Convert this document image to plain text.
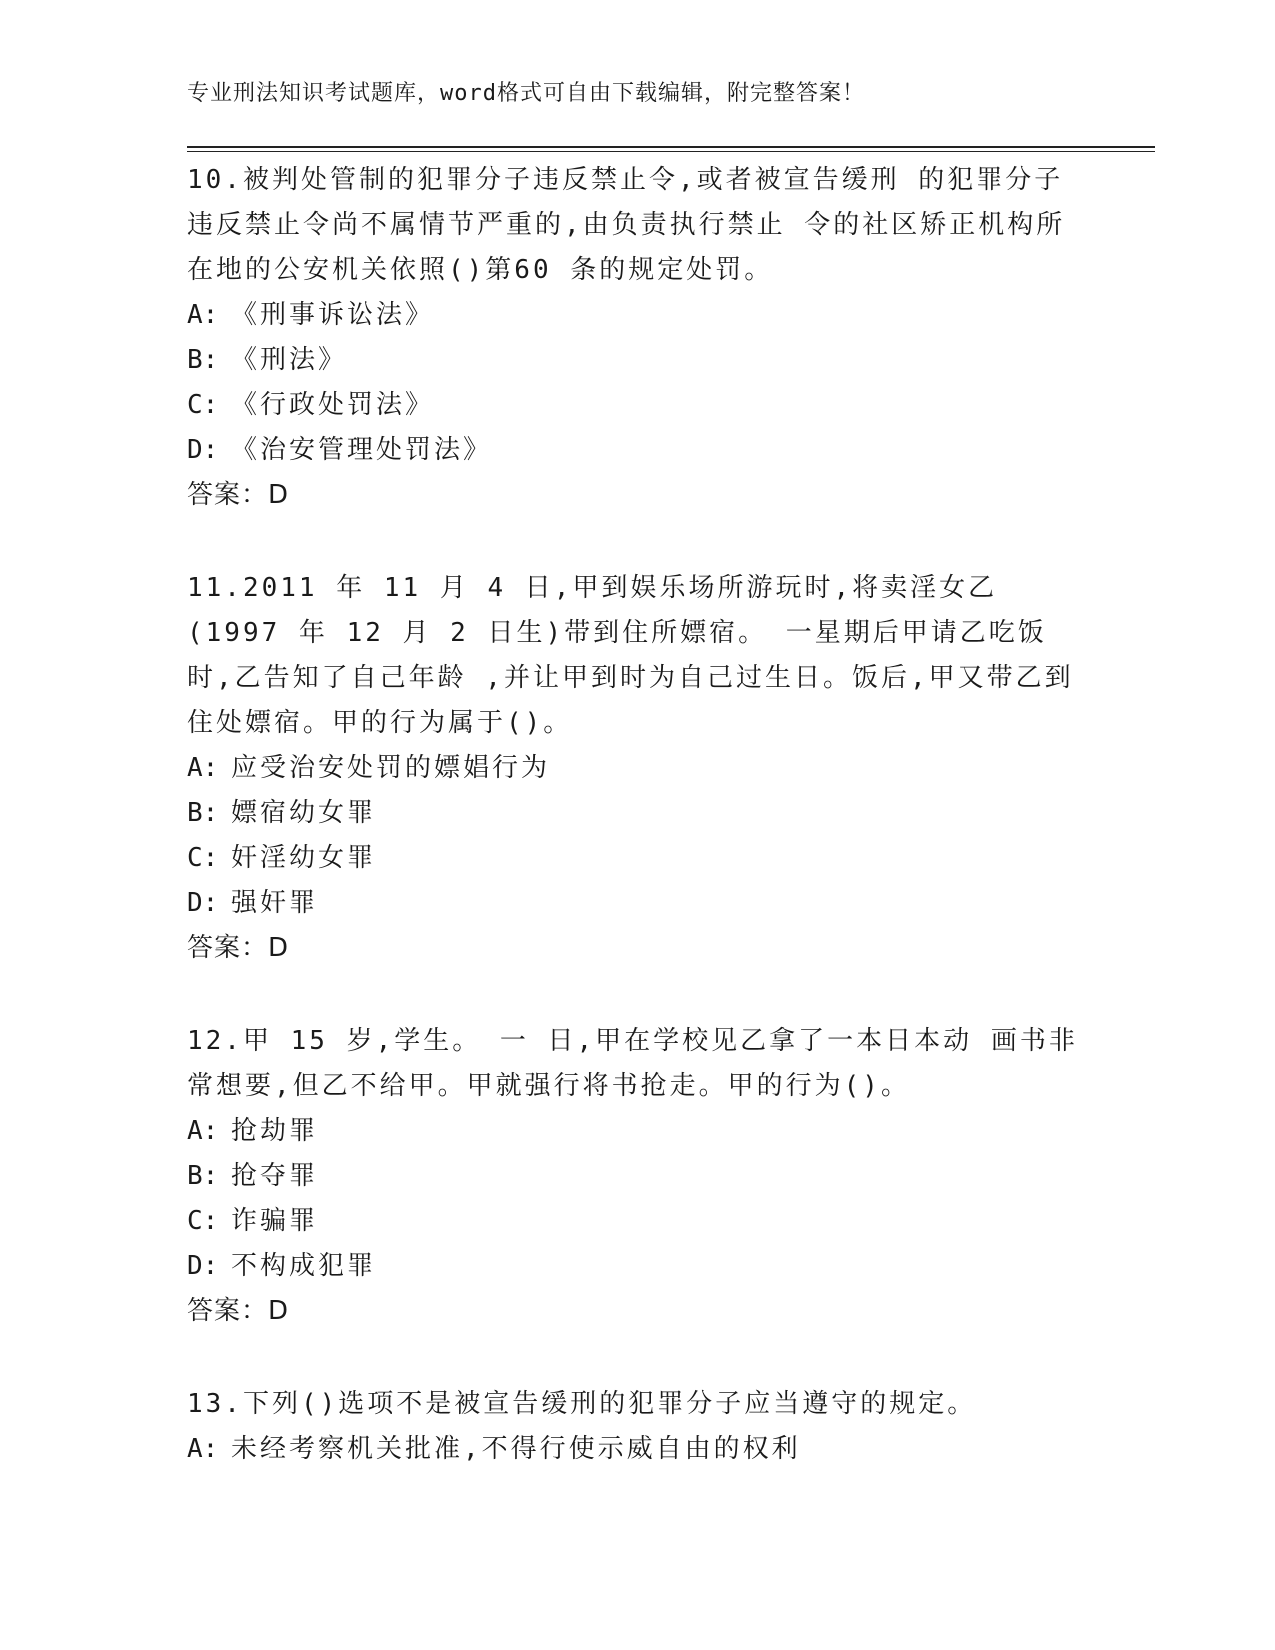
专业刑法知识考试题库，word格式可自由下载编辑，附完整答案！

10.被判处管制的犯罪分子违反禁止令,或者被宣告缓刑 的犯罪分子违反禁止令尚不属情节严重的,由负责执行禁止 令的社区矫正机构所在地的公安机关依照()第60 条的规定处罚。

A: 《刑事诉讼法》

B: 《刑法》

C: 《行政处罚法》

D: 《治安管理处罚法》

答案：D

11.2011 年 11 月 4 日,甲到娱乐场所游玩时,将卖淫女乙 (1997 年 12 月 2 日生)带到住所嫖宿。 一星期后甲请乙吃饭时,乙告知了自己年龄 ,并让甲到时为自己过生日。饭后,甲又带乙到住处嫖宿。甲的行为属于()。

A: 应受治安处罚的嫖娼行为

B: 嫖宿幼女罪

C: 奸淫幼女罪

D: 强奸罪

答案：D

12.甲 15 岁,学生。 一 日,甲在学校见乙拿了一本日本动 画书非常想要,但乙不给甲。甲就强行将书抢走。甲的行为()。

A: 抢劫罪

B: 抢夺罪

C: 诈骗罪

D: 不构成犯罪

答案：D

13.下列()选项不是被宣告缓刑的犯罪分子应当遵守的规定。

A: 未经考察机关批准,不得行使示威自由的权利
